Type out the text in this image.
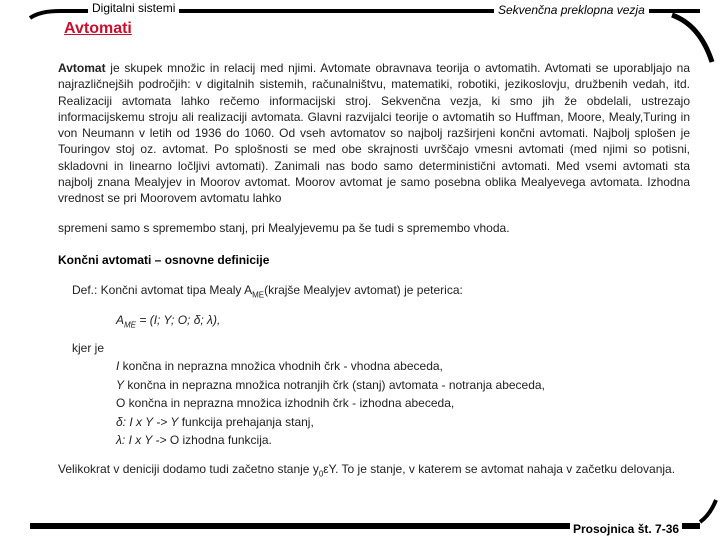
Digitalni sistemi	Sekvenčna preklopna vezja
Avtomati
Avtomat je skupek množic in relacij med njimi. Avtomate obravnava teorija o avtomatih. Avtomati se uporabljajo na najrazličnejših področjih: v digitalnih sistemih, računalništvu, matematiki, robotiki, jezikoslovju, družbenih vedah, itd. Realizaciji avtomata lahko rečemo informacijski stroj. Sekvenčna vezja, ki smo jih že obdelali, ustrezajo informacijskemu stroju ali realizaciji avtomata. Glavni razvijalci teorije o avtomatih so Huffman, Moore, Mealy,Turing in von Neumann v letih od 1936 do 1060. Od vseh avtomatov so najbolj razširjeni končni avtomati. Najbolj splošen je Touringov stoj oz. avtomat. Po splošnosti se med obe skrajnosti uvrščajo vmesni avtomati (med njimi so potisni, skladovni in linearno ločljivi avtomati). Zanimali nas bodo samo deterministični avtomati. Med vsemi avtomati sta najbolj znana Mealyjev in Moorov avtomat. Moorov avtomat je samo posebna oblika Mealyevega avtomata. Izhodna vrednost se pri Moorovem avtomatu lahko
spremeni samo s spremembo stanj, pri Mealyjevemu pa še tudi s spremembo vhoda.
Končni avtomati – osnovne definicije
Def.: Končni avtomat tipa Mealy $A_{ME}(krajše$ Mealyjev avtomat) je peterica:
$A_{ME} = (I$; Y; O; δ; λ),
kjer je
I končna in neprazna množica vhodnih črk - vhodna abeceda,
Y končna in neprazna množica notranjih črk (stanj) avtomata - notranja abeceda,
O končna in neprazna množica izhodnih črk - izhodna abeceda,
δ: I x Y -> Y funkcija prehajanja stanj,
λ: I x Y -> O izhodna funkcija.
Velikokrat v deniciji dodamo tudi začetno stanje $y_0\varepsilon Y$. To je stanje, v katerem se avtomat nahaja v začetku delovanja.
Prosojnica št. 7-36
